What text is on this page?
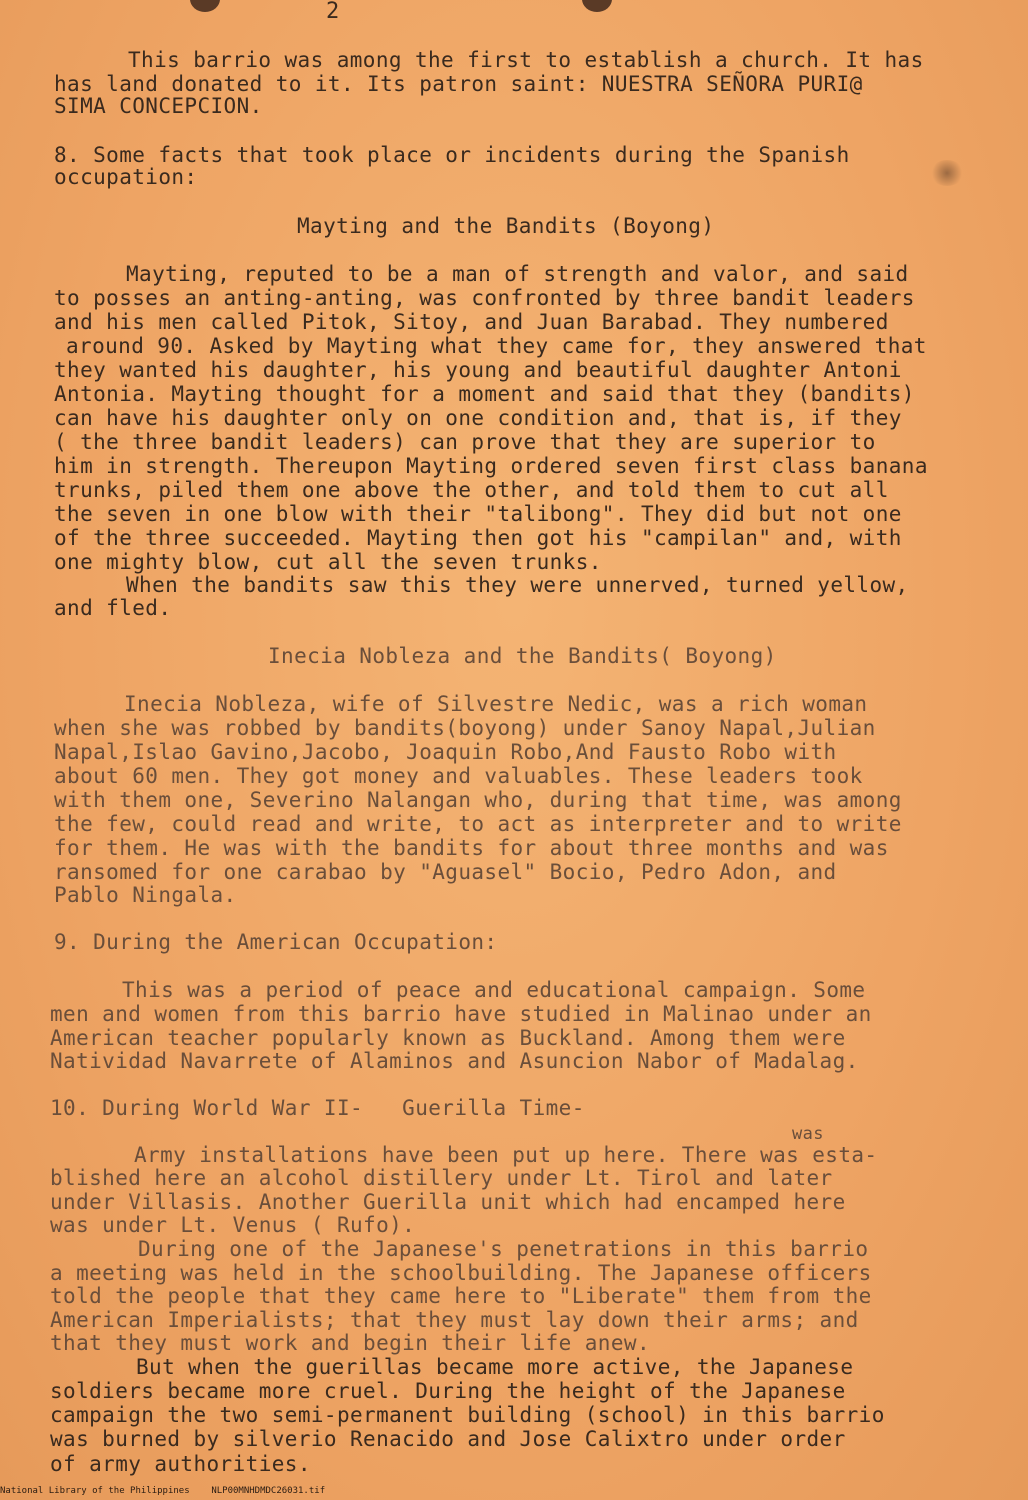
2
This barrio was among the first to establish a church. It has
has land donated to it. Its patron saint: NUESTRA SEÑORA PURI@
SIMA CONCEPCION.
8. Some facts that took place or incidents during the Spanish
occupation:
Mayting and the Bandits (Boyong)
Mayting, reputed to be a man of strength and valor, and said
to posses an anting-anting, was confronted by three bandit leaders
and his men called Pitok, Sitoy, and Juan Barabad. They numbered
around 90. Asked by Mayting what they came for, they answered that
they wanted his daughter, his young and beautiful daughter Antoni
Antonia. Mayting thought for a moment and said that they (bandits)
can have his daughter only on one condition and, that is, if they
( the three bandit leaders) can prove that they are superior to
him in strength. Thereupon Mayting ordered seven first class banana
trunks, piled them one above the other, and told them to cut all
the seven in one blow with their "talibong". They did but not one
of the three succeeded. Mayting then got his "campilan" and, with
one mighty blow, cut all the seven trunks.
When the bandits saw this they were unnerved, turned yellow,
and fled.
Inecia Nobleza and the Bandits( Boyong)
Inecia Nobleza, wife of Silvestre Nedic, was a rich woman
when she was robbed by bandits(boyong) under Sanoy Napal,Julian
Napal,Islao Gavino,Jacobo, Joaquin Robo,And Fausto Robo with
about 60 men. They got money and valuables. These leaders took
with them one, Severino Nalangan who, during that time, was among
the few, could read and write, to act as interpreter and to write
for them. He was with the bandits for about three months and was
ransomed for one carabao by "Aguasel" Bocio, Pedro Adon, and
Pablo Ningala.
9. During the American Occupation:
This was a period of peace and educational campaign. Some
men and women from this barrio have studied in Malinao under an
American teacher popularly known as Buckland. Among them were
Natividad Navarrete of Alaminos and Asuncion Nabor of Madalag.
10. During World War II-   Guerilla Time-
was
Army installations have been put up here. There was esta-
blished here an alcohol distillery under Lt. Tirol and later
under Villasis. Another Guerilla unit which had encamped here
was under Lt. Venus ( Rufo).
During one of the Japanese's penetrations in this barrio
a meeting was held in the schoolbuilding. The Japanese officers
told the people that they came here to "Liberate" them from the
American Imperialists; that they must lay down their arms; and
that they must work and begin their life anew.
But when the guerillas became more active, the Japanese
soldiers became more cruel. During the height of the Japanese
campaign the two semi-permanent building (school) in this barrio
was burned by silverio Renacido and Jose Calixtro under order
of army authorities.
National Library of the Philippines    NLP00MNHDMDC26031.tif
